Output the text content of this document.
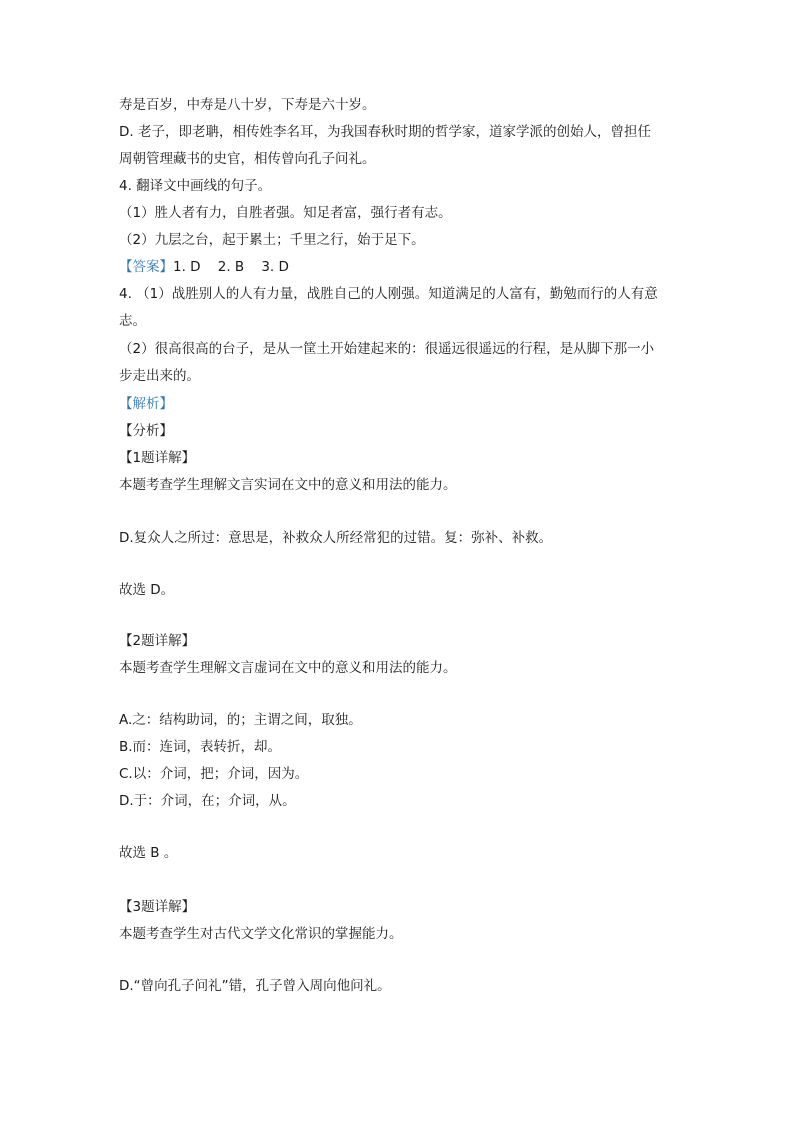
寿是百岁，中寿是八十岁，下寿是六十岁。
D. 老子，即老聃，相传姓李名耳，为我国春秋时期的哲学家，道家学派的创始人，曾担任
周朝管理藏书的史官，相传曾向孔子问礼。
4. 翻译文中画线的句子。
（1）胜人者有力，自胜者强。知足者富，强行者有志。
（2）九层之台，起于累土；千里之行，始于足下。
【答案】1. D    2. B    3. D
4. （1）战胜别人的人有力量，战胜自己的人刚强。知道满足的人富有，勤勉而行的人有意
志。
（2）很高很高的台子，是从一筐土开始建起来的：很遥远很遥远的行程，是从脚下那一小
步走出来的。
【解析】
【分析】
【1题详解】
本题考查学生理解文言实词在文中的意义和用法的能力。
D.复众人之所过：意思是，补救众人所经常犯的过错。复：弥补、补救。
故选 D。
【2题详解】
本题考查学生理解文言虚词在文中的意义和用法的能力。
A.之：结构助词，的；主谓之间，取独。
B.而：连词，表转折，却。
C.以：介词，把；介词，因为。
D.于：介词，在；介词，从。
故选 B 。
【3题详解】
本题考查学生对古代文学文化常识的掌握能力。
D.“曾向孔子问礼”错，孔子曾入周向他问礼。
